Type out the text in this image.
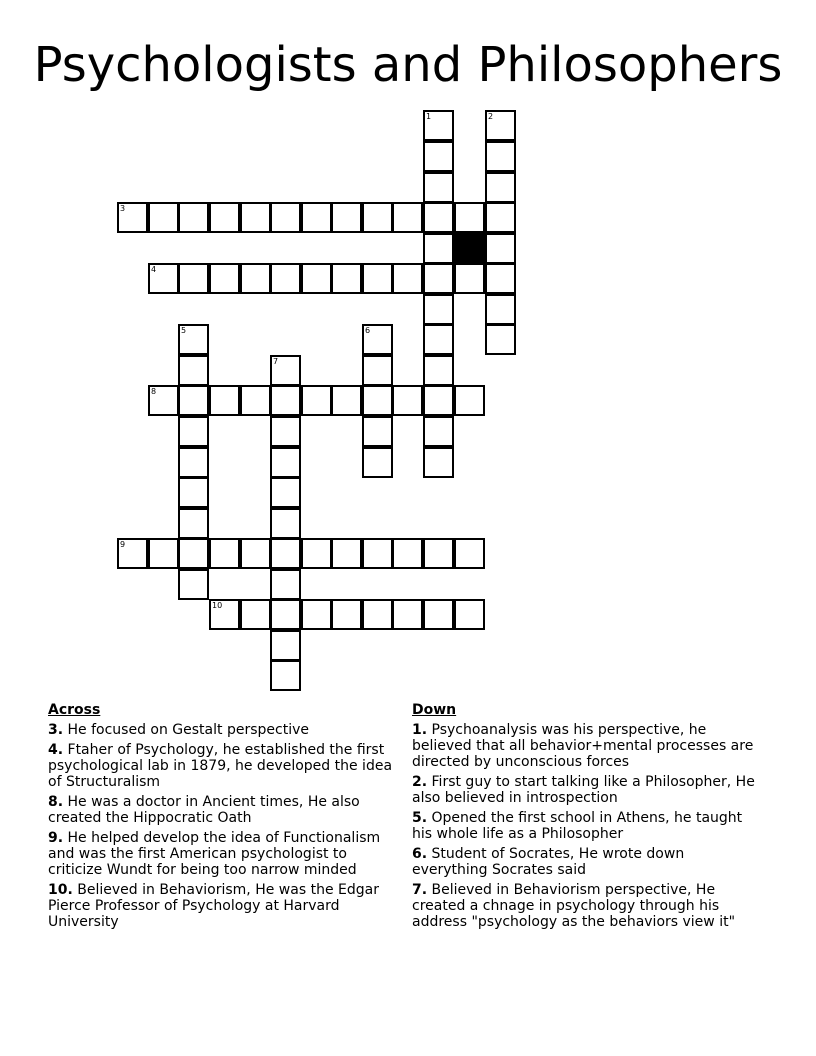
Psychologists and Philosophers
1	2
3
4
5	6
7
8
9
10
Across
3. He focused on Gestalt perspective
4. Ftaher of Psychology, he established the first psychological lab in 1879, he developed the idea of Structuralism
8. He was a doctor in Ancient times, He also created the Hippocratic Oath
9. He helped develop the idea of Functionalism and was the first American psychologist to criticize Wundt for being too narrow minded
10. Believed in Behaviorism, He was the Edgar Pierce Professor of Psychology at Harvard University
Down
1. Psychoanalysis was his perspective, he believed that all behavior+mental processes are directed by unconscious forces
2. First guy to start talking like a Philosopher, He also believed in introspection
5. Opened the first school in Athens, he taught his whole life as a Philosopher
6. Student of Socrates, He wrote down everything Socrates said
7. Believed in Behaviorism perspective, He created a chnage in psychology through his address "psychology as the behaviors view it"
